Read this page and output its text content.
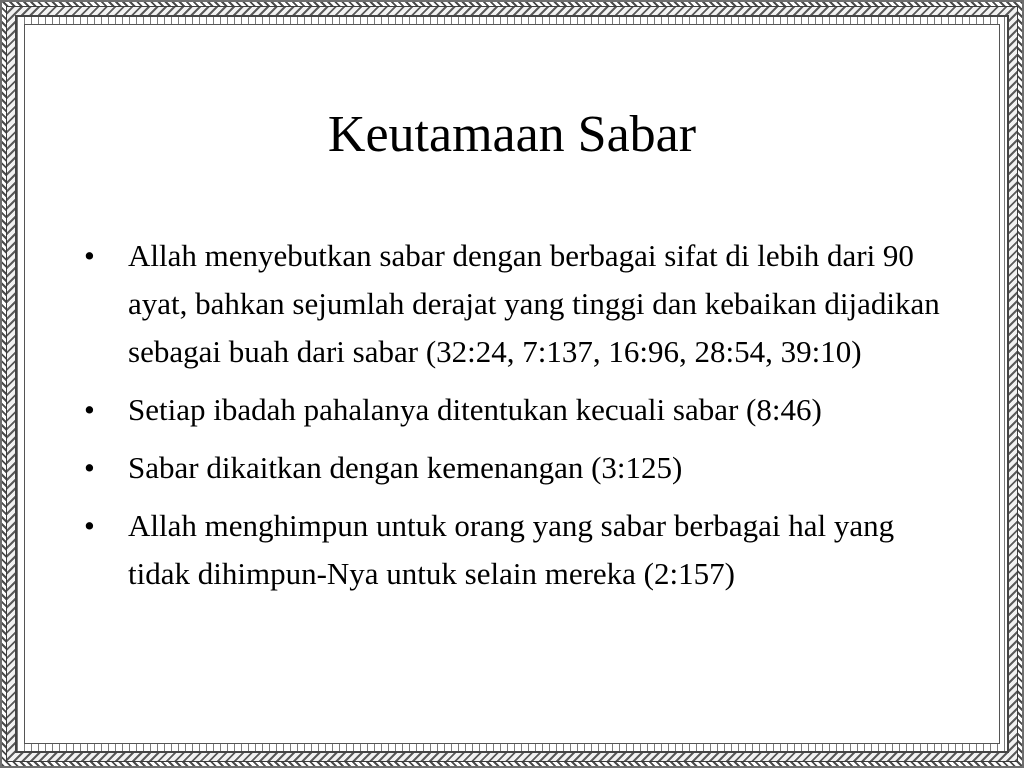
Keutamaan Sabar
•	Allah menyebutkan sabar dengan berbagai sifat di lebih dari 90 ayat, bahkan sejumlah derajat yang tinggi dan kebaikan dijadikan sebagai buah dari sabar (32:24, 7:137, 16:96, 28:54, 39:10)
•	Setiap ibadah pahalanya ditentukan kecuali sabar (8:46)
•	Sabar dikaitkan dengan kemenangan (3:125)
•	Allah menghimpun untuk orang yang sabar berbagai hal yang tidak dihimpun-Nya untuk selain mereka (2:157)
